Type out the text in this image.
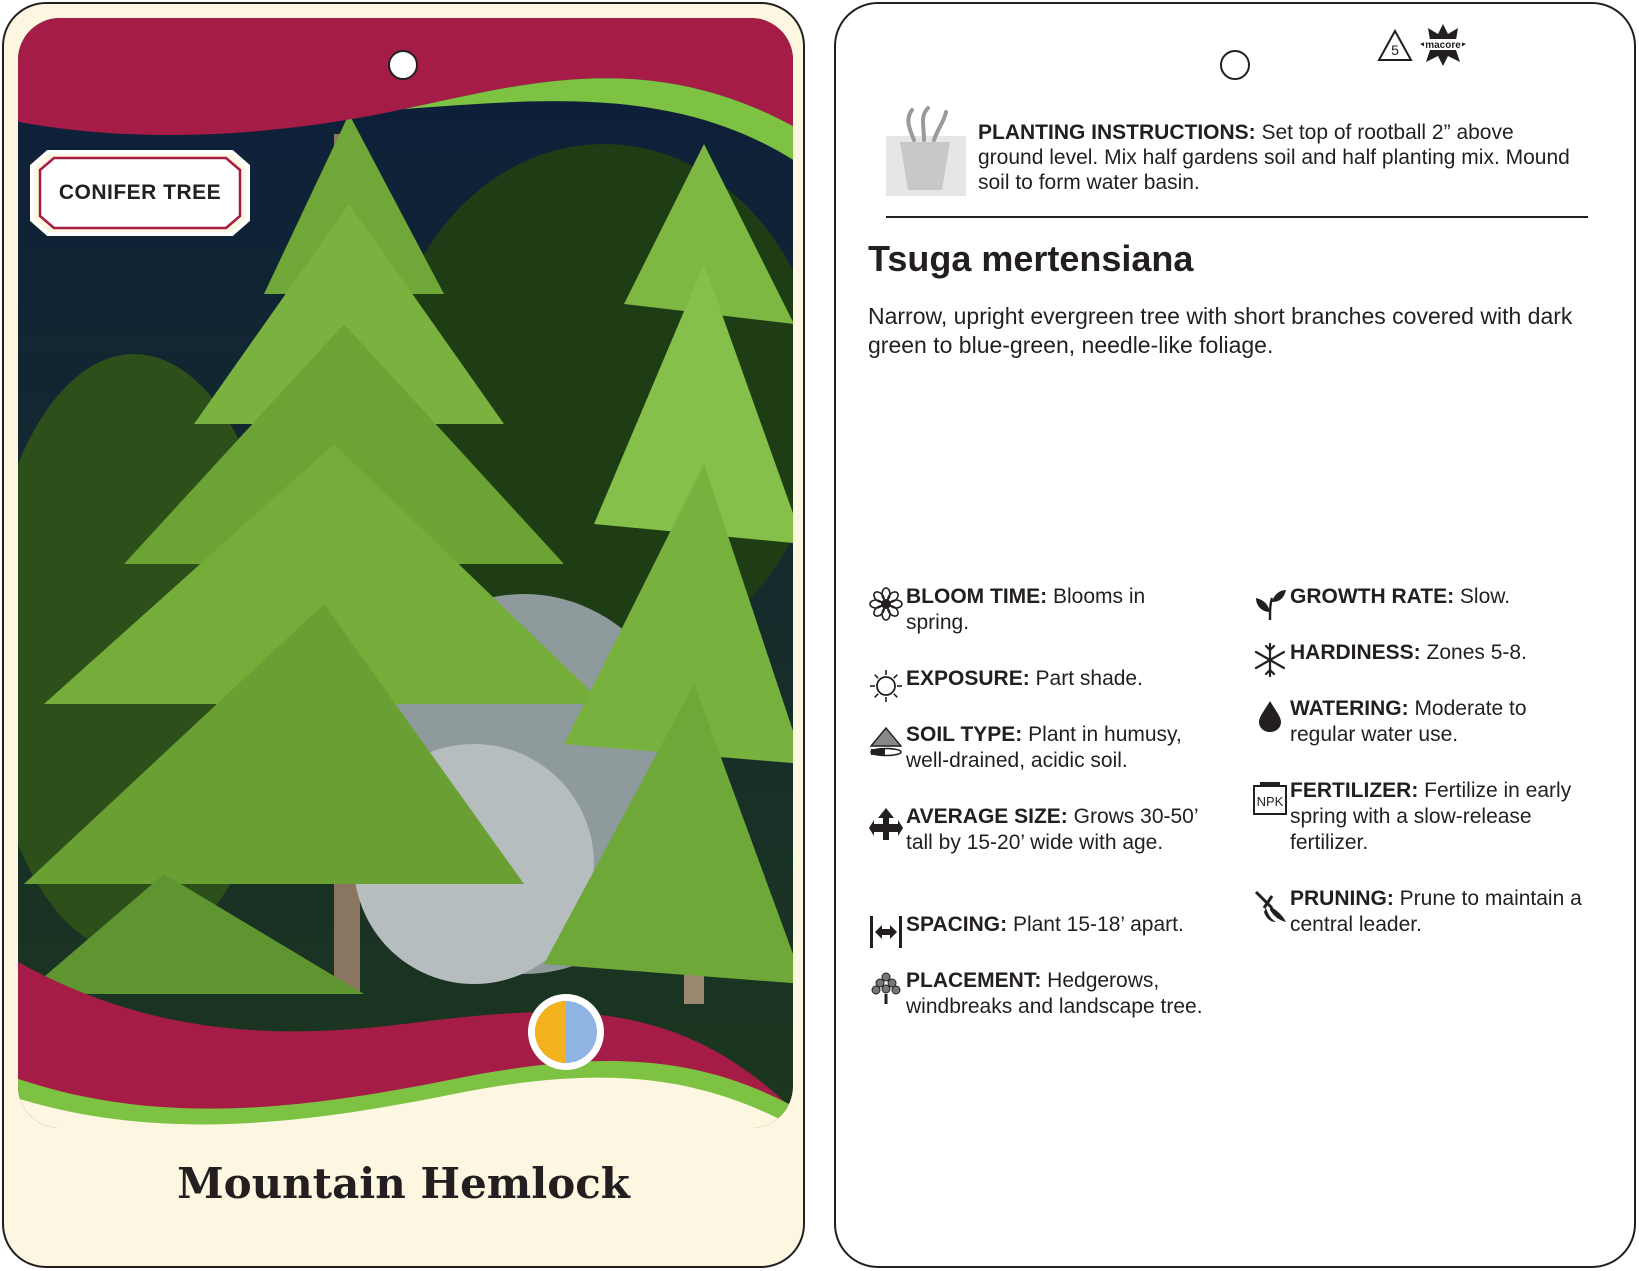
CONIFER TREE
Mountain Hemlock
5	macore
PLANTING INSTRUCTIONS: Set top of rootball 2” above ground level. Mix half gardens soil and half planting mix. Mound soil to form water basin.
Tsuga mertensiana
Narrow, upright evergreen tree with short branches covered with dark green to blue-green, needle-like foliage.
BLOOM TIME: Blooms in spring.
EXPOSURE: Part shade.
SOIL TYPE: Plant in humusy, well-drained, acidic soil.
AVERAGE SIZE: Grows 30-50’ tall by 15-20’ wide with age.
SPACING: Plant 15-18’ apart.
PLACEMENT: Hedgerows, windbreaks and landscape tree.
GROWTH RATE: Slow.
HARDINESS: Zones 5-8.
WATERING: Moderate to regular water use.
NPK FERTILIZER: Fertilize in early spring with a slow-release fertilizer.
PRUNING: Prune to maintain a central leader.
